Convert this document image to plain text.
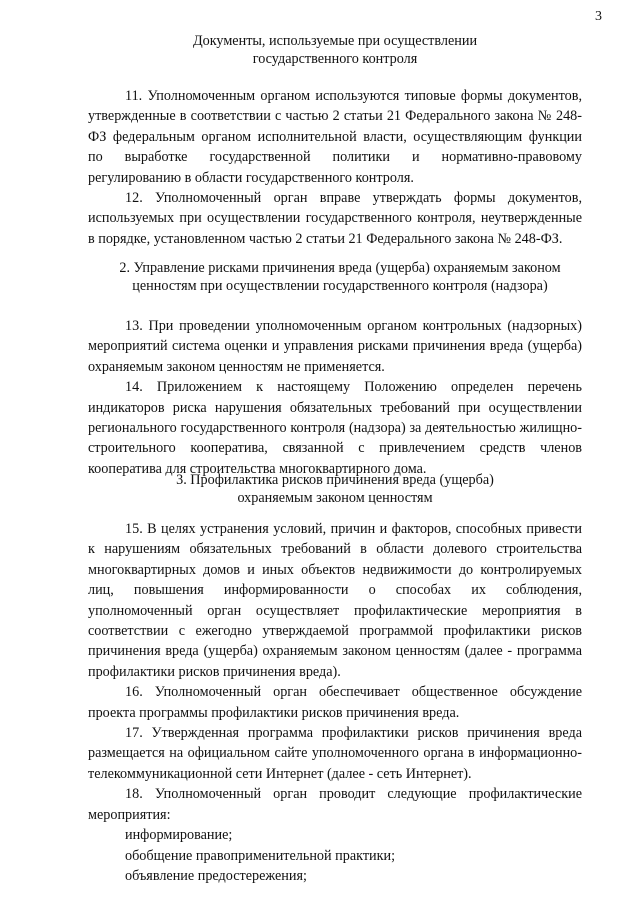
3
Документы, используемые при осуществлении государственного контроля

11. Уполномоченным органом используются типовые формы документов, утвержденные в соответствии с частью 2 статьи 21 Федерального закона № 248-ФЗ федеральным органом исполнительной власти, осуществляющим функции по выработке государственной политики и нормативно-правовому регулированию в области государственного контроля.

12. Уполномоченный орган вправе утверждать формы документов, используемых при осуществлении государственного контроля, неутвержденные в порядке, установленном частью 2 статьи 21 Федерального закона № 248-ФЗ.

2. Управление рисками причинения вреда (ущерба) охраняемым законом ценностям при осуществлении государственного контроля (надзора)

13. При проведении уполномоченным органом контрольных (надзорных) мероприятий система оценки и управления рисками причинения вреда (ущерба) охраняемым законом ценностям не применяется.

14. Приложением к настоящему Положению определен перечень индикаторов риска нарушения обязательных требований при осуществлении регионального государственного контроля (надзора) за деятельностью жилищно-строительного кооператива, связанной с привлечением средств членов кооператива для строительства многоквартирного дома.

3. Профилактика рисков причинения вреда (ущерба) охраняемым законом ценностям

15. В целях устранения условий, причин и факторов, способных привести к нарушениям обязательных требований в области долевого строительства многоквартирных домов и иных объектов недвижимости до контролируемых лиц, повышения информированности о способах их соблюдения, уполномоченный орган осуществляет профилактические мероприятия в соответствии с ежегодно утверждаемой программой профилактики рисков причинения вреда (ущерба) охраняемым законом ценностям (далее - программа профилактики рисков причинения вреда).

16. Уполномоченный орган обеспечивает общественное обсуждение проекта программы профилактики рисков причинения вреда.

17. Утвержденная программа профилактики рисков причинения вреда размещается на официальном сайте уполномоченного органа в информационно-телекоммуникационной сети Интернет (далее - сеть Интернет).

18. Уполномоченный орган проводит следующие профилактические мероприятия:

информирование;
обобщение правоприменительной практики;
объявление предостережения;
